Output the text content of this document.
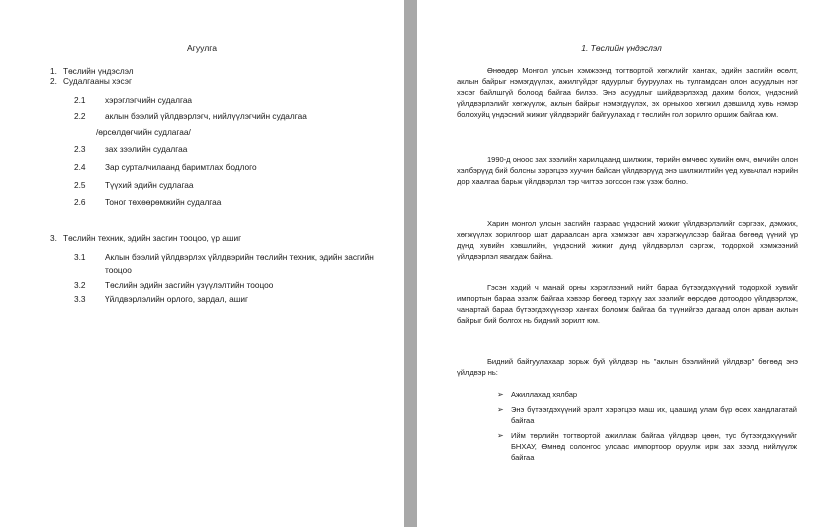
Агуулга
1. Төслийн үндэслэл
2. Судалгааны хэсэг
2.1 хэрэглэгчийн судалгаа
2.2 аклын бээлий үйлдвэрлэгч, нийлүүлэгчийн судалгаа
/өрсөлдөгчийн судлагаа/
2.3 зах зээлийн судалгаа
2.4 Зар сурталчилаанд баримтлах бодлого
2.5 Түүхий эдийн судлагаа
2.6 Тоног төхөөрөмжийн судалгаа
3. Төслийн техник, эдийн засгин тооцоо, үр ашиг
3.1 Аклын бээлий үйлдвэрлэх үйлдвэрийн төслийн техник, эдийн засгийн
тооцоо
3.2 Төслийн эдийн засгийн үзүүлэлтийн тооцоо
3.3 Үйлдвэрлэлийн орлого, зардал, ашиг
1. Төслийн үндэслэл

Өнөөдөр Монгол улсын хэмжээнд тогтвортой хөгжлийг хангах, эдийн засгийн өсөлт, аклын байрыг нэмэгдүүлэх, ажилгүйдэг ядуурлыг бууруулах нь тулгамдсан олон асуудлын нэг хэсэг байлшгүй болоод байгаа билээ. Энэ асуудлыг шийдвэрлэхэд дахим болох, үндэсний үйлдвэрлэлийг хөгжүүлж, аклын байрыг нэмэгдүүлэх, эх орныхоо хөгжил дэвшилд хувь нэмэр болохуйц үндэсний жижиг үйлдвэрийг байгуулахад г төслийн гол зорилго оршиж байгаа юм.

1990-д оноос зах зээлийн харилцаанд шилжиж, төрийн өмчөөс хувийн өмч, өмчийн олон хэлбэрүүд бий болсны зэрэгцээ хуучин байсан үйлдвэрүүд энэ шилжилтийн үед хувьчлал нэрийн дор хаалгаа барьж үйлдвэрлэл тэр чигтээ зогссон гэж үзэж болно.

Харин монгол улсын засгийн газраас үндэсний жижиг үйлдвэрлэлийг сэргээх, дэмжих, хөгжүүлэх зорилгоор шат дараалсан арга хэмжээг авч хэрэгжүүлсээр байгаа бөгөөд үүний үр дүнд хувийн хэвшлийн, үндэсний жижиг дунд үйлдвэрлэл сэргэж, тодорхой хэмжээний үйлдвэрлэл явагдаж байна.

Гэсэн хэдий ч манай орны хэрэглээний нийт бараа бүтээгдэхүүний тодорхой хувийг импортын бараа эзэлж байгаа хэвээр бөгөөд тэрхүү зах зээлийг өөрсдөө дотоодоо үйлдвэрлэж, чанартай бараа бүтээгдэхүүнээр хангах боломж байгаа ба түүнийгээ дагаад олон арван аклын байрыг бий болгох нь бидний зорилт юм.

Бидний байгуулахаар зорьж буй үйлдвэр нь "аклын бээлийний үйлдвэр" бөгөөд энэ үйлдвэр нь:

➢ Ажиллахад хялбар
➢ Энэ бүтээгдэхүүний эрэлт хэрэгцээ маш их, цаашид улам бүр өсөх хандлагатай байгаа
➢ Ийм төрлийн тогтвортой ажиллаж байгаа үйлдвэр цөөн, тус бүтээгдэхүүнийг БНХАУ, Өмнөд солонгос улсаас импортоор оруулж ирж зах зээлд нийлүүлж байгаа
